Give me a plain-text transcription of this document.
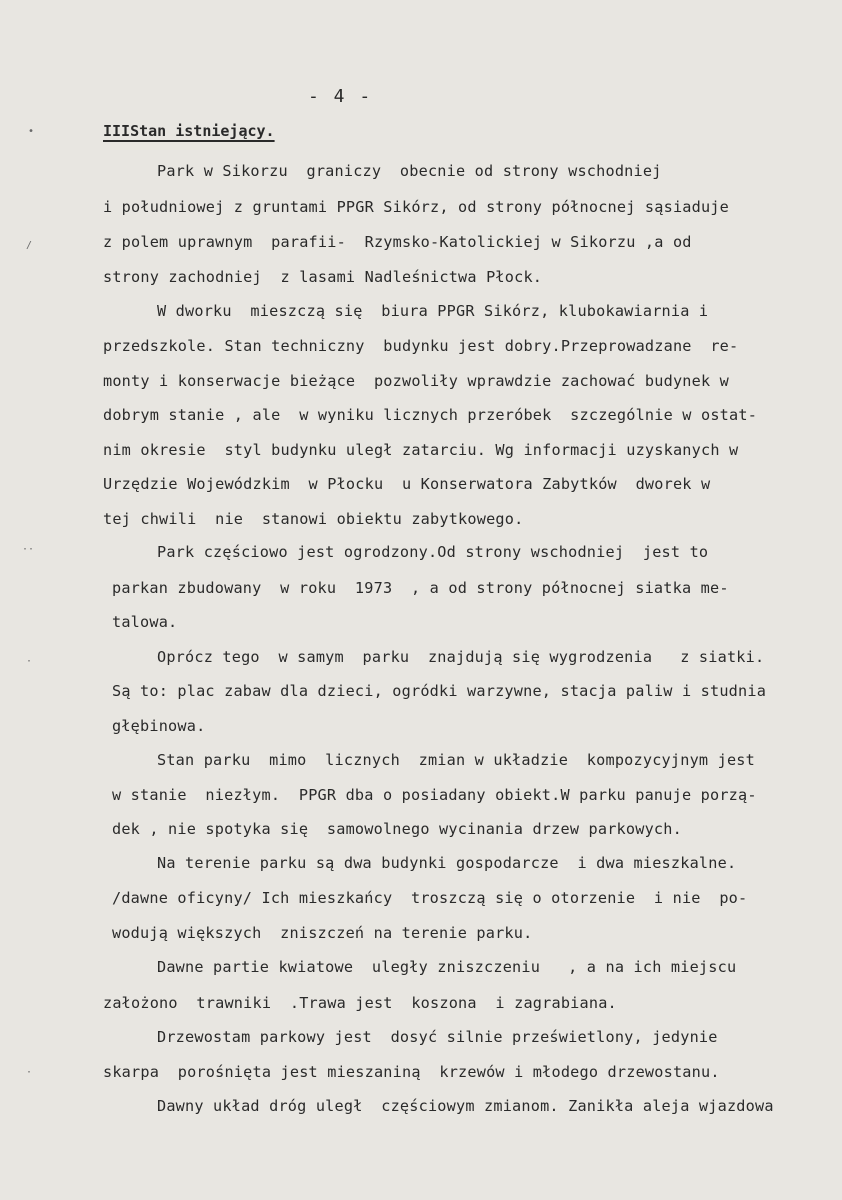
- 4 -
IIIStan istniejący.
Park w Sikorzu  graniczy  obecnie od strony wschodniej
i południowej z gruntami PPGR Sikórz, od strony północnej sąsiaduje
z polem uprawnym  parafii-  Rzymsko-Katolickiej w Sikorzu ,a od
strony zachodniej  z lasami Nadleśnictwa Płock.
W dworku  mieszczą się  biura PPGR Sikórz, klubokawiarnia i
przedszkole. Stan techniczny  budynku jest dobry.Przeprowadzane  re-
monty i konserwacje bieżące  pozwoliły wprawdzie zachować budynek w
dobrym stanie , ale  w wyniku licznych przeróbek  szczególnie w ostat-
nim okresie  styl budynku uległ zatarciu. Wg informacji uzyskanych w
Urzędzie Wojewódzkim  w Płocku  u Konserwatora Zabytków  dworek w
tej chwili  nie  stanowi obiektu zabytkowego.
Park częściowo jest ogrodzony.Od strony wschodniej  jest to
parkan zbudowany  w roku  1973  , a od strony północnej siatka me-
talowa.
Oprócz tego  w samym  parku  znajdują się wygrodzenia   z siatki.
Są to: plac zabaw dla dzieci, ogródki warzywne, stacja paliw i studnia
głębinowa.
Stan parku  mimo  licznych  zmian w układzie  kompozycyjnym jest
w stanie  niezłym.  PPGR dba o posiadany obiekt.W parku panuje porzą-
dek , nie spotyka się  samowolnego wycinania drzew parkowych.
Na terenie parku są dwa budynki gospodarcze  i dwa mieszkalne.
/dawne oficyny/ Ich mieszkańcy  troszczą się o otorzenie  i nie  po-
wodują większych  zniszczeń na terenie parku.
Dawne partie kwiatowe  uległy zniszczeniu   , a na ich miejscu
założono  trawniki  .Trawa jest  koszona  i zagrabiana.
Drzewostam parkowy jest  dosyć silnie prześwietlony, jedynie
skarpa  porośnięta jest mieszaniną  krzewów i młodego drzewostanu.
Dawny układ dróg uległ  częściowym zmianom. Zanikła aleja wjazdowa
•
/
··
·
·
